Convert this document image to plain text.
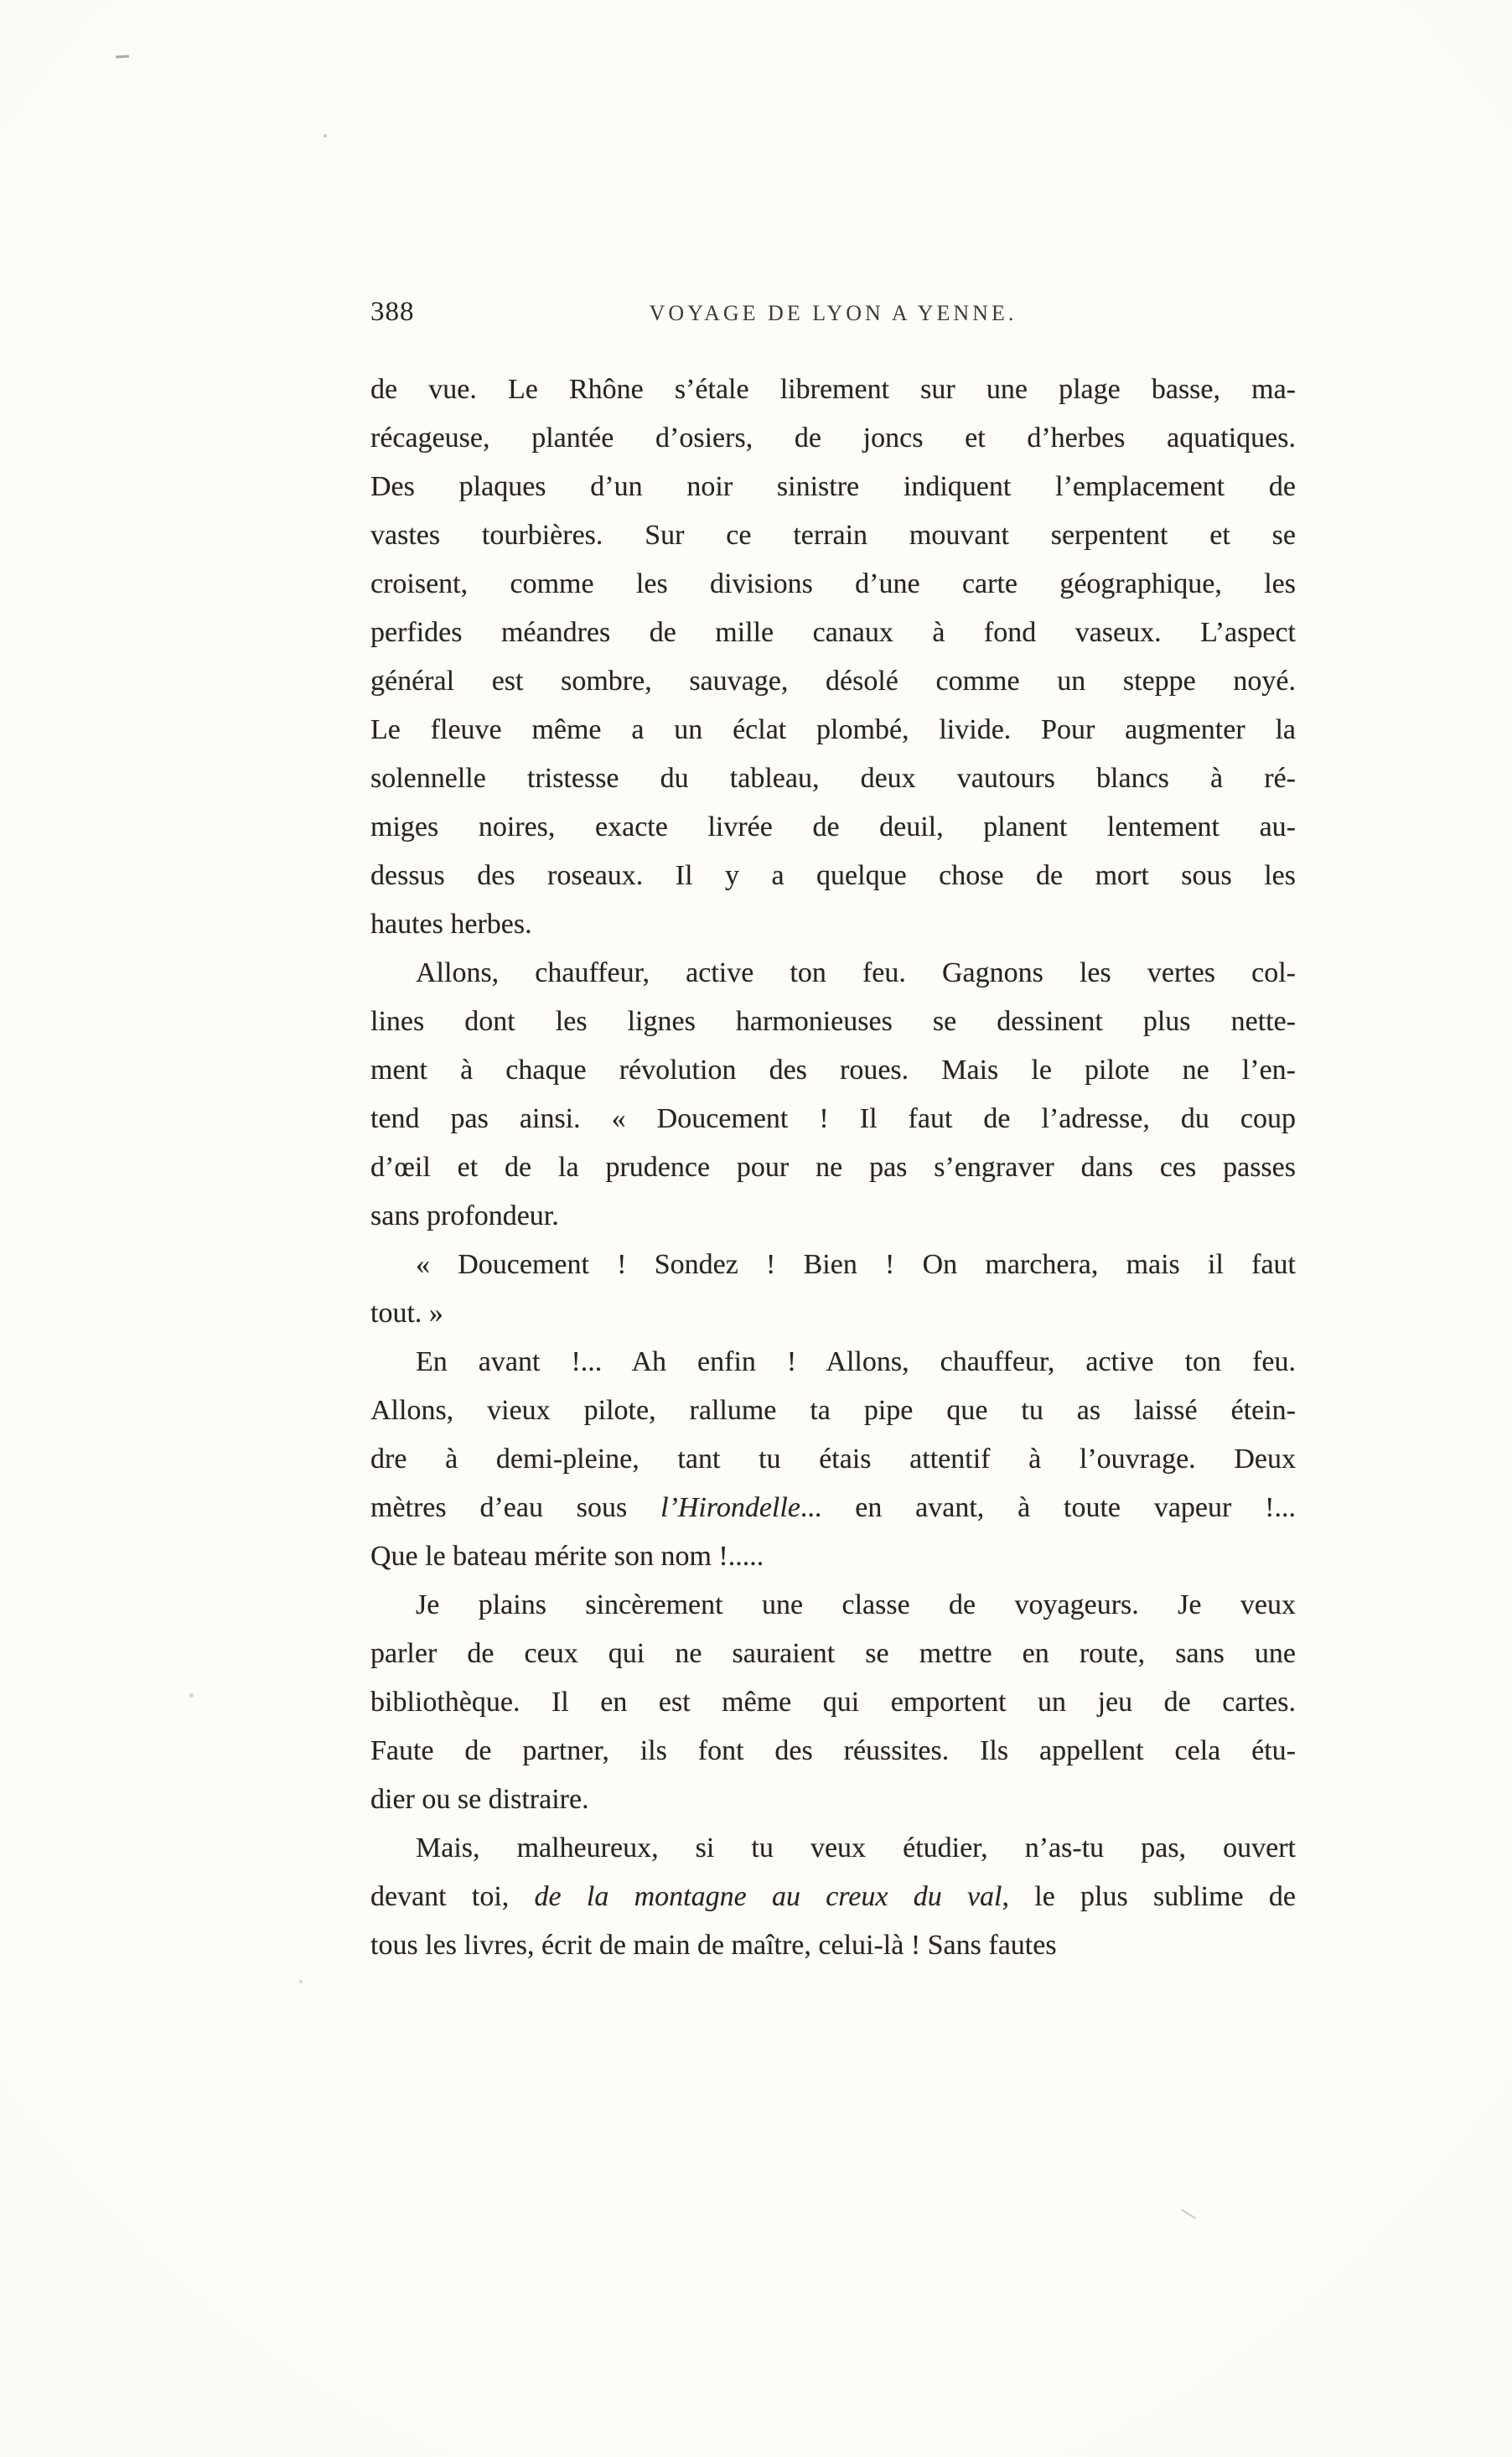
388	VOYAGE DE LYON A YENNE.
de vue. Le Rhône s’étale librement sur une plage basse, ma-
récageuse, plantée d’osiers, de joncs et d’herbes aquatiques.
Des plaques d’un noir sinistre indiquent l’emplacement de
vastes tourbières. Sur ce terrain mouvant serpentent et se
croisent, comme les divisions d’une carte géographique, les
perfides méandres de mille canaux à fond vaseux. L’aspect
général est sombre, sauvage, désolé comme un steppe noyé.
Le fleuve même a un éclat plombé, livide. Pour augmenter la
solennelle tristesse du tableau, deux vautours blancs à ré-
miges noires, exacte livrée de deuil, planent lentement au-
dessus des roseaux. Il y a quelque chose de mort sous les
hautes herbes.
Allons, chauffeur, active ton feu. Gagnons les vertes col-
lines dont les lignes harmonieuses se dessinent plus nette-
ment à chaque révolution des roues. Mais le pilote ne l’en-
tend pas ainsi. « Doucement ! Il faut de l’adresse, du coup
d’œil et de la prudence pour ne pas s’engraver dans ces passes
sans profondeur.
« Doucement ! Sondez ! Bien ! On marchera, mais il faut
tout. »
En avant !... Ah enfin ! Allons, chauffeur, active ton feu.
Allons, vieux pilote, rallume ta pipe que tu as laissé étein-
dre à demi-pleine, tant tu étais attentif à l’ouvrage. Deux
mètres d’eau sous l’Hirondelle... en avant, à toute vapeur !...
Que le bateau mérite son nom !.....
Je plains sincèrement une classe de voyageurs. Je veux
parler de ceux qui ne sauraient se mettre en route, sans une
bibliothèque. Il en est même qui emportent un jeu de cartes.
Faute de partner, ils font des réussites. Ils appellent cela étu-
dier ou se distraire.
Mais, malheureux, si tu veux étudier, n’as-tu pas, ouvert
devant toi, de la montagne au creux du val, le plus sublime de
tous les livres, écrit de main de maître, celui-là ! Sans fautes
